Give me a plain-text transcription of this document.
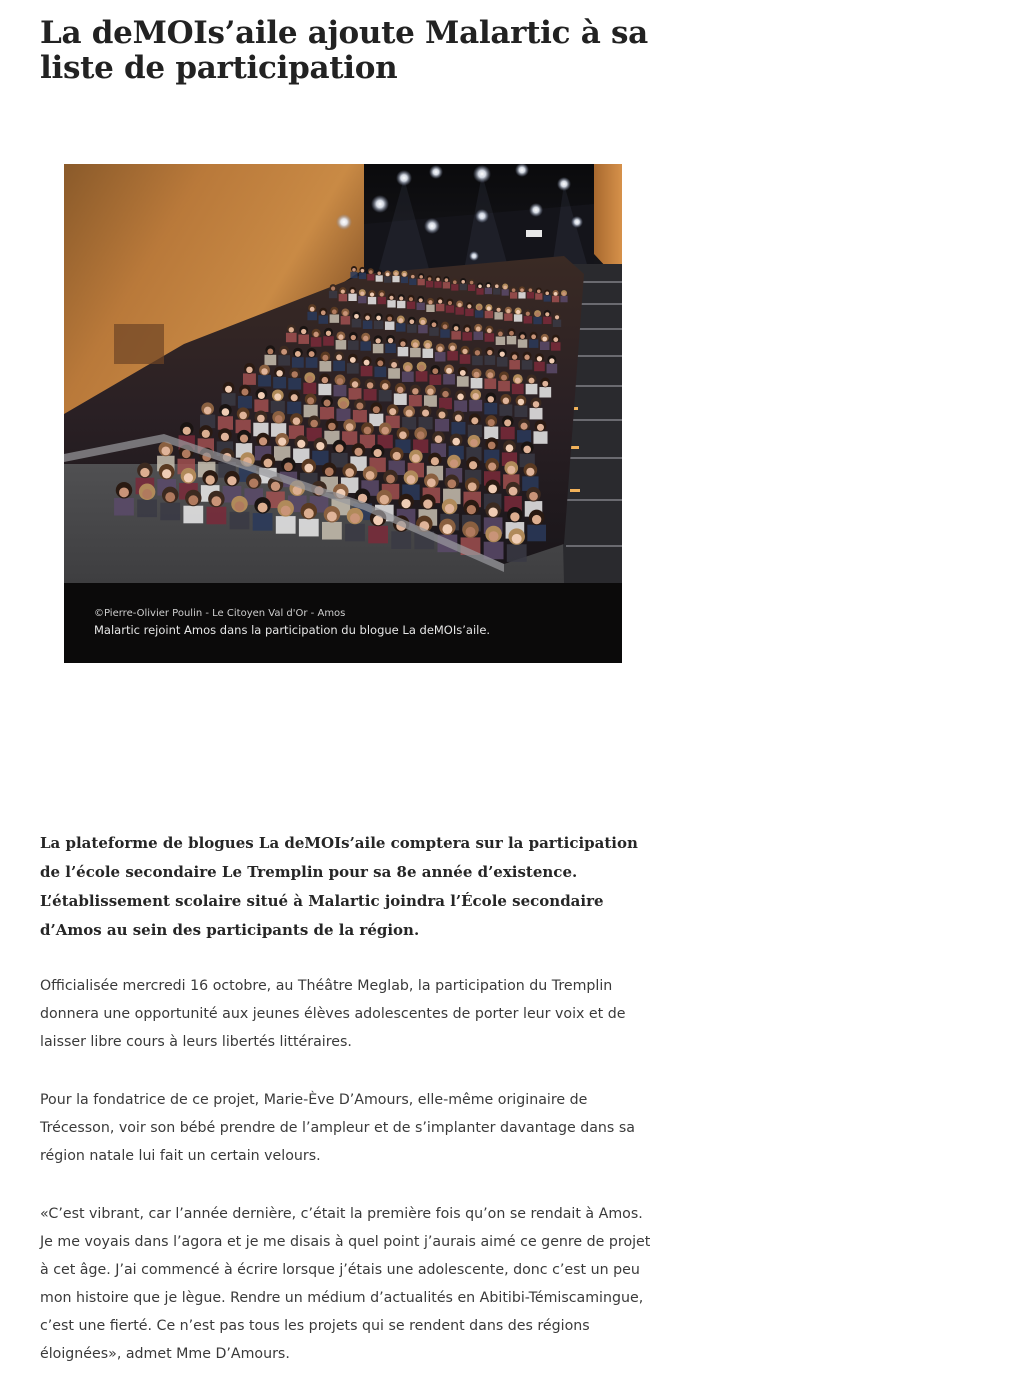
La deMOIs’aile ajoute Malartic à sa liste de participation
©Pierre-Olivier Poulin - Le Citoyen Val d'Or - Amos
Malartic rejoint Amos dans la participation du blogue La deMOIs’aile.

La plateforme de blogues La deMOIs’aile comptera sur la participation de l’école secondaire Le Tremplin pour sa 8e année d’existence. L’établissement scolaire situé à Malartic joindra l’École secondaire d’Amos au sein des participants de la région.

Officialisée mercredi 16 octobre, au Théâtre Meglab, la participation du Tremplin donnera une opportunité aux jeunes élèves adolescentes de porter leur voix et de laisser libre cours à leurs libertés littéraires.

Pour la fondatrice de ce projet, Marie-Ève D’Amours, elle-même originaire de Trécesson, voir son bébé prendre de l’ampleur et de s’implanter davantage dans sa région natale lui fait un certain velours.

«C’est vibrant, car l’année dernière, c’était la première fois qu’on se rendait à Amos. Je me voyais dans l’agora et je me disais à quel point j’aurais aimé ce genre de projet à cet âge. J’ai commencé à écrire lorsque j’étais une adolescente, donc c’est un peu mon histoire que je lègue. Rendre un médium d’actualités en Abitibi-Témiscamingue, c’est une fierté. Ce n’est pas tous les projets qui se rendent dans des régions éloignées», admet Mme D’Amours.
